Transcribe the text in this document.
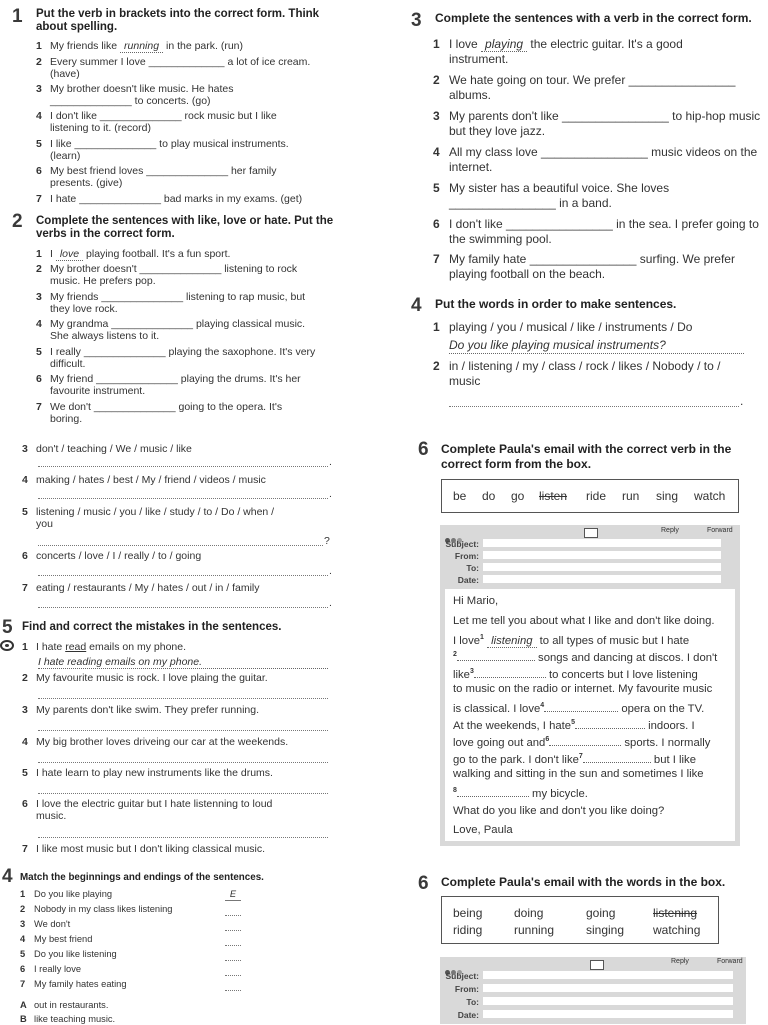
1 Put the verb in brackets into the correct form. Think
about spelling.
1 My friends like running in the park. (run)
2 Every summer I love _____________ a lot of ice cream.
(have)
3 My brother doesn't like music. He hates
______________ to concerts. (go)
4 I don't like ______________ rock music but I like
listening to it. (record)
5 I like ______________ to play musical instruments.
(learn)
6 My best friend loves ______________ her family
presents. (give)
7 I hate ______________ bad marks in my exams. (get)
2 Complete the sentences with like, love or hate. Put the
verbs in the correct form.
1 I love playing football. It's a fun sport.
2 My brother doesn't ______________ listening to rock
music. He prefers pop.
3 My friends ______________ listening to rap music, but
they love rock.
4 My grandma ______________ playing classical music.
She always listens to it.
5 I really ______________ playing the saxophone. It's very
difficult.
6 My friend ______________ playing the drums. It's her
favourite instrument.
7 We don't ______________ going to the opera. It's
boring.
3 don't / teaching / We / music / like
.
4 making / hates / best / My / friend / videos / music
.
5 listening / music / you / like / study / to / Do / when /
you
?
6 concerts / love / I / really / to / going
.
7 eating / restaurants / My / hates / out / in / family
.
5 Find and correct the mistakes in the sentences.
1 I hate read emails on my phone.
I hate reading emails on my phone.
2 My favourite music is rock. I love plaing the guitar.
3 My parents don't like swim. They prefer running.
4 My big brother loves driveing our car at the weekends.
5 I hate learn to play new instruments like the drums.
6 I love the electric guitar but I hate listenning to loud
music.
7 I like most music but I don't liking classical music.
4 Match the beginnings and endings of the sentences.
1 Do you like playing	E
2 Nobody in my class likes listening
3 We don't
4 My best friend
5 Do you like listening
6 I really love
7 My family hates eating
A out in restaurants.
B like teaching music.
3 Complete the sentences with a verb in the correct form.
1 I love playing the electric guitar. It's a good
instrument.
2 We hate going on tour. We prefer ________________
albums.
3 My parents don't like ________________ to hip-hop music
but they love jazz.
4 All my class love ________________ music videos on the
internet.
5 My sister has a beautiful voice. She loves
________________ in a band.
6 I don't like ________________ in the sea. I prefer going to
the swimming pool.
7 My family hate ________________ surfing. We prefer
playing football on the beach.
4 Put the words in order to make sentences.
1 playing / you / musical / like / instruments / Do
Do you like playing musical instruments?
2 in / listening / my / class / rock / likes / Nobody / to /
music
.
6 Complete Paula's email with the correct verb in the
correct form from the box.
be do go listen ride run sing watch
Reply	Forward
Subject:
From:
To:
Date:
Hi Mario,
Let me tell you about what I like and don't like doing.
I love$^1$ listening to all types of music but I hate
$^2$	songs and dancing at discos. I don't
like$^3$	to concerts but I love listening
to music on the radio or internet. My favourite music
is classical. I love$^4$	opera on the TV.
At the weekends, I hate$^5$	indoors. I
love going out and$^6$	sports. I normally
go to the park. I don't like$^7$	but I like
walking and sitting in the sun and sometimes I like
$^8$	my bicycle.
What do you like and don't you like doing?
Love, Paula
6 Complete Paula's email with the words in the box.
being	doing	going	listening
riding	running	singing watching
Reply	Forward
Subject:
From:
To:
Date:
